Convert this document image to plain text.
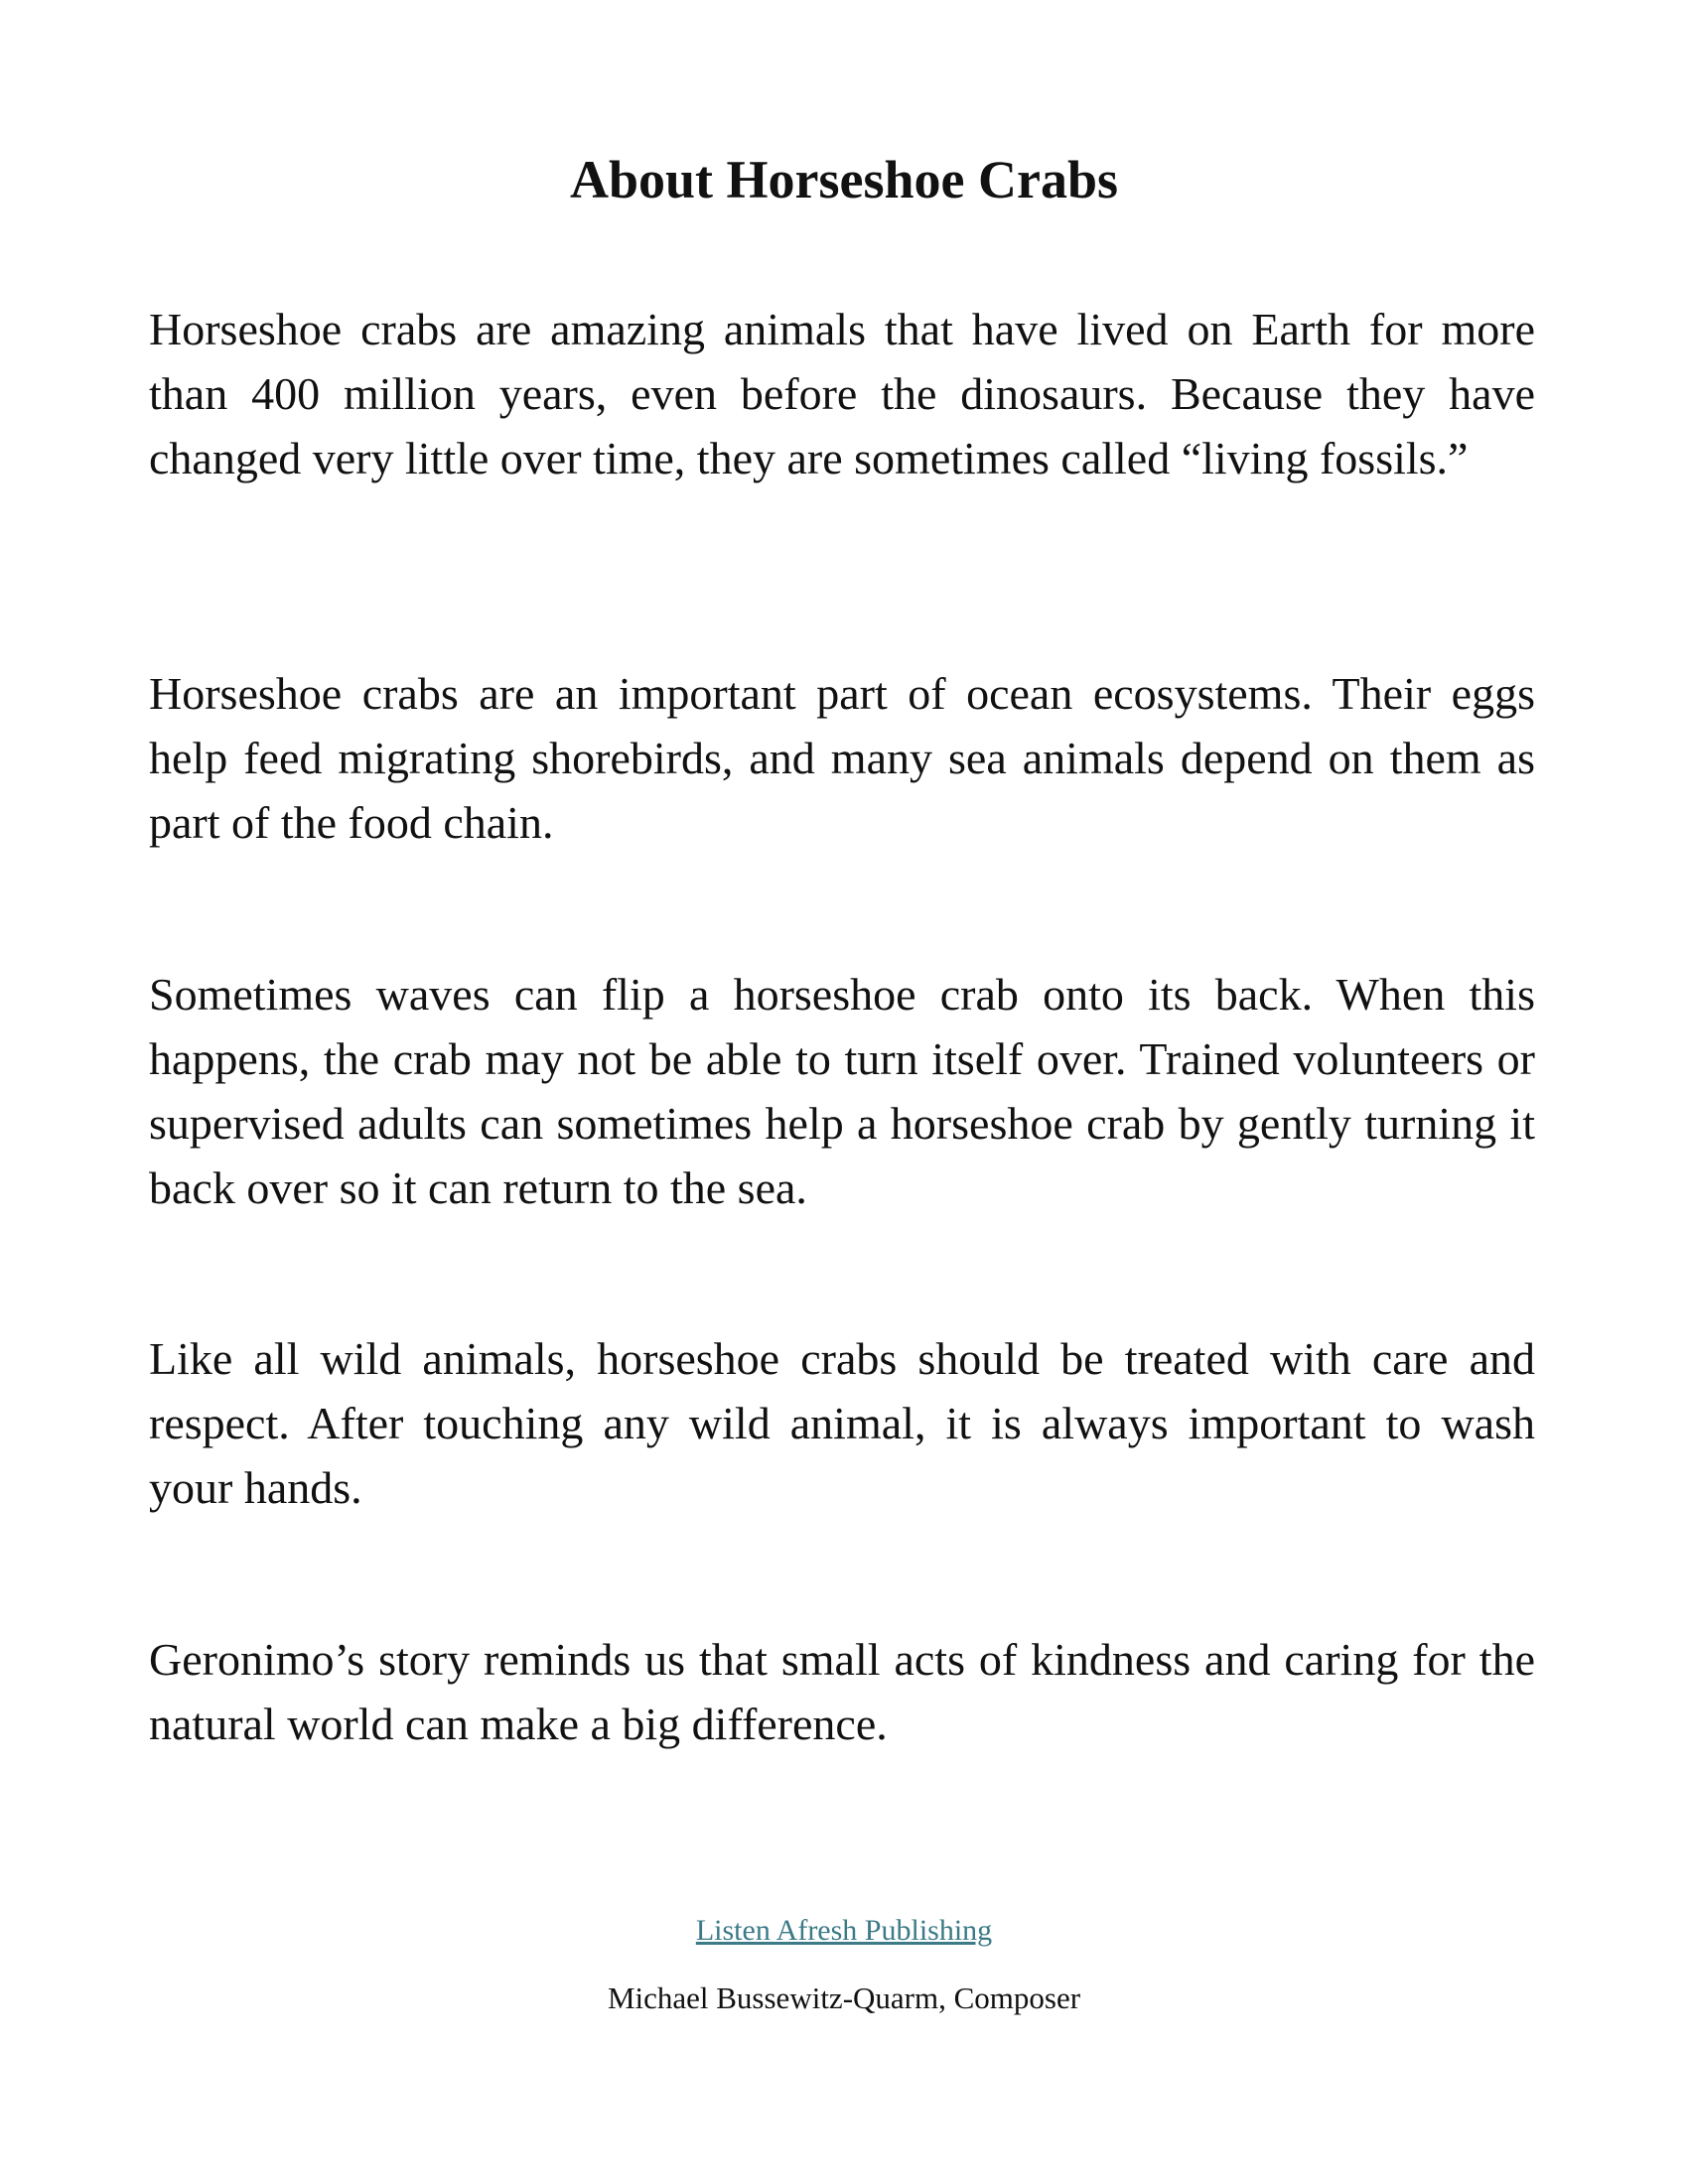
About Horseshoe Crabs

Horseshoe crabs are amazing animals that have lived on Earth for more than 400 million years, even before the dinosaurs. Because they have changed very little over time, they are sometimes called “living fossils.”

Horseshoe crabs are an important part of ocean ecosystems. Their eggs help feed migrating shorebirds, and many sea animals depend on them as part of the food chain.

Sometimes waves can flip a horseshoe crab onto its back. When this happens, the crab may not be able to turn itself over. Trained volunteers or supervised adults can sometimes help a horseshoe crab by gently turning it back over so it can return to the sea.

Like all wild animals, horseshoe crabs should be treated with care and respect. After touching any wild animal, it is always important to wash your hands.

Geronimo’s story reminds us that small acts of kindness and caring for the natural world can make a big difference.

Listen Afresh Publishing
Michael Bussewitz-Quarm, Composer
